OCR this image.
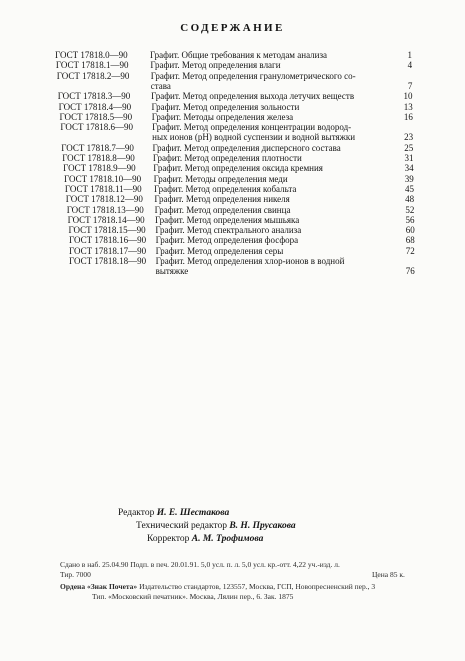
СОДЕРЖАНИЕ
ГОСТ 17818.0—90 Графит. Общие требования к методам анализа	1
ГОСТ 17818.1—90 Графит. Метод определения влаги	4
ГОСТ 17818.2—90 Графит. Метод определения гранулометрического со-
става	7
ГОСТ 17818.3—90 Графит. Метод определения выхода летучих веществ	10
ГОСТ 17818.4—90 Графит. Метод определения зольности	13
ГОСТ 17818.5—90 Графит. Методы определения железа	16
ГОСТ 17818.6—90 Графит. Метод определения концентрации водород-
ных ионов (рН) водной суспензии и водной вытяжки	23
ГОСТ 17818.7—90 Графит. Метод определения дисперсного состава	25
ГОСТ 17818.8—90 Графит. Метод определения плотности	31
ГОСТ 17818.9—90 Графит. Метод определения оксида кремния	34
ГОСТ 17818.10—90 Графит. Методы определения меди	39
ГОСТ 17818.11—90 Графит. Метод определения кобальта	45
ГОСТ 17818.12—90 Графит. Метод определения никеля	48
ГОСТ 17818.13—90 Графит. Метод определения свинца	52
ГОСТ 17818.14—90 Графит. Метод определения мышьяка	56
ГОСТ 17818.15—90 Графит. Метод спектрального анализа	60
ГОСТ 17818.16—90 Графит. Метод определения фосфора	68
ГОСТ 17818.17—90 Графит. Метод определения серы	72
ГОСТ 17818.18—90 Графит. Метод определения хлор-ионов в водной
вытяжке	76
Редактор И. Е. Шестакова
Технический редактор В. Н. Прусакова
Корректор А. М. Трофимова
Сдано в наб. 25.04.90 Подп. в печ. 20.01.91. 5,0 усл. п. л. 5,0 усл. кр.-отт. 4,22 уч.-изд. л.
Тир. 7000	Цена 85 к.
Ордена «Знак Почета» Издательство стандартов, 123557, Москва, ГСП, Новопресненский пер., 3
Тип. «Московский печатник». Москва, Лялин пер., 6. Зак. 1875
